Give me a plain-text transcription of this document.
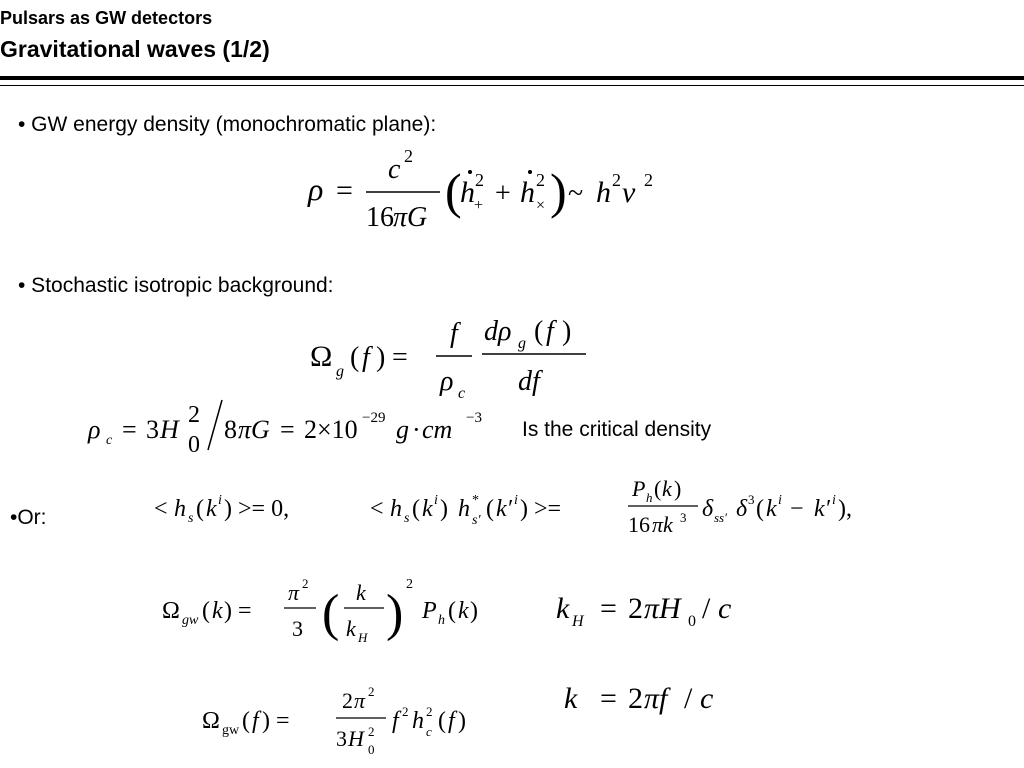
Pulsars as GW detectors
Gravitational waves (1/2)
• GW energy density (monochromatic plane):
ρ =
c 2
16 πG (
h 2
+ + h 2
× ) ~ h 2 ν 2
• Stochastic isotropic background:
Ω g ( f ) =
f
ρ c
dρ g ( f )
df
ρ c = 3 H 2
0
8 πG = 2×10 −29 g · cm −3 Is the critical density
•Or:	< h s ( k i ) >= 0,	< h s ( k i ) h *
s′ ( k′ i ) >=
P h ( k )
16 πk 3 δ ss′ δ 3 ( k i − k′ i ),
Ω gw ( k ) =
π 2
3 ( k
k H )
2
P h ( k )	k H = 2 πH 0 / c
Ω gw ( f ) =
2 π 2
3 H 2
0
f 2 h 2
c ( f )
k = 2 πf / c
